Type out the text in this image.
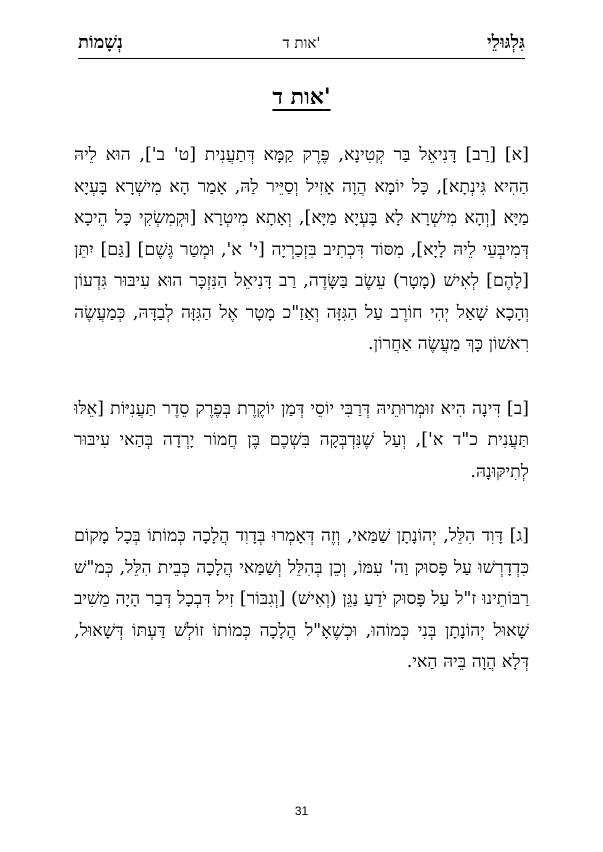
נְשָׁמוֹת	אות ד'	גִּלְגּוּלֵי
אות ד'

[א] [רַב] דָּנִיאֵל בַּר קְטִינָא, פֶּרֶק קַמָּא דְּתַעֲנִית [ט' ב'], הוּא לֵיהּ הַהִיא גִּינְתָא], כָּל יוֹמָא הֲוָה אָזִיל וְסַיֵּיר לַהּ, אָמַר הָא מִישְׁרָא בָּעְיָא מַיָּא [וְהָא מִישְׁרָא לָא בָּעְיָא מַיָּא], וְאָתָא מִיטְרָא [וּקְמִשְׂקִי כָּל הֵיכָא דְּמִיבְּעֵי לֵיהּ לָיָא], מִסּוֹד דִּכְתִיב בִּזְכַרְיָה [י' א', וּמְטַר גֶּשֶׁם] [גַּם] יִתֵּן [לָהֶם] לְאִישׁ (מָטָר) עֵשֶׂב בַּשָּׂדֶה, רַב דָּנִיאֵל הַנִּזְכָּר הוּא עִיבּוּר גִּדְעוֹן וְהָכָא שָׁאַל יְהִי חוֹרֶב עַל הַגִּזָּה וְאַזַ"כ מָטָר אֶל הַגִּזָּה לְבַדָּהּ, כְּמַעֲשֶׂה רִאשׁוֹן כָּךְ מַעֲשֶׂה אַחֲרוֹן.

[ב] דִּינָה הִיא זוּמְרוּתֵיהּ דְּרַבִּי יוֹסֵי דְּמַן יוֹקֶרֶת בְּפֶרֶק סֵדֶר תַּעֲנִיּוֹת [אֵלּוּ תַּעֲנִית כ"ד א'], וְעַל שֶׁנִּדְבְּקָה בִּשְׁכֶם בֶּן חֲמוֹר יָרְדָה בְּהַאי עִיבּוּר לְתִיקּוּנָהּ.

[ג] דָּוִד הִלֵּל, יְהוֹנָתָן שַׁמַּאי, וְזֶה דְּאָמְרוּ בְּדָוִד הֲלָכָה כְּמוֹתוֹ בְּכָל מָקוֹם כִּדְדָרְשׁוּ עַל פָּסוּק וַה' עִמּוֹ, וְכֵן בְּהִלֵּל וְשַׁמַּאי הֲלָכָה כְּבֵית הִלֵּל, כְּמ"שׁ רַבּוֹתֵינוּ ז"ל עַל פָּסוּק יֹדֵעַ נַגֵּן (וְאִישׁ) [וְגִבּוֹר] זִיל דִּבְכָל דְּבַר הָיָה מֵשִׁיב שָׁאוּל יְהוֹנָתָן בְּנִי כְּמוֹהוּ, וּכְשֶׁאָ"ל הֲלָכָה כְּמוֹתוֹ זוֹלְשׁ דַּעְתּוֹ דְּשָׁאוּל, דְּלָא הֲוָה בֵּיהּ הַאי.

31
